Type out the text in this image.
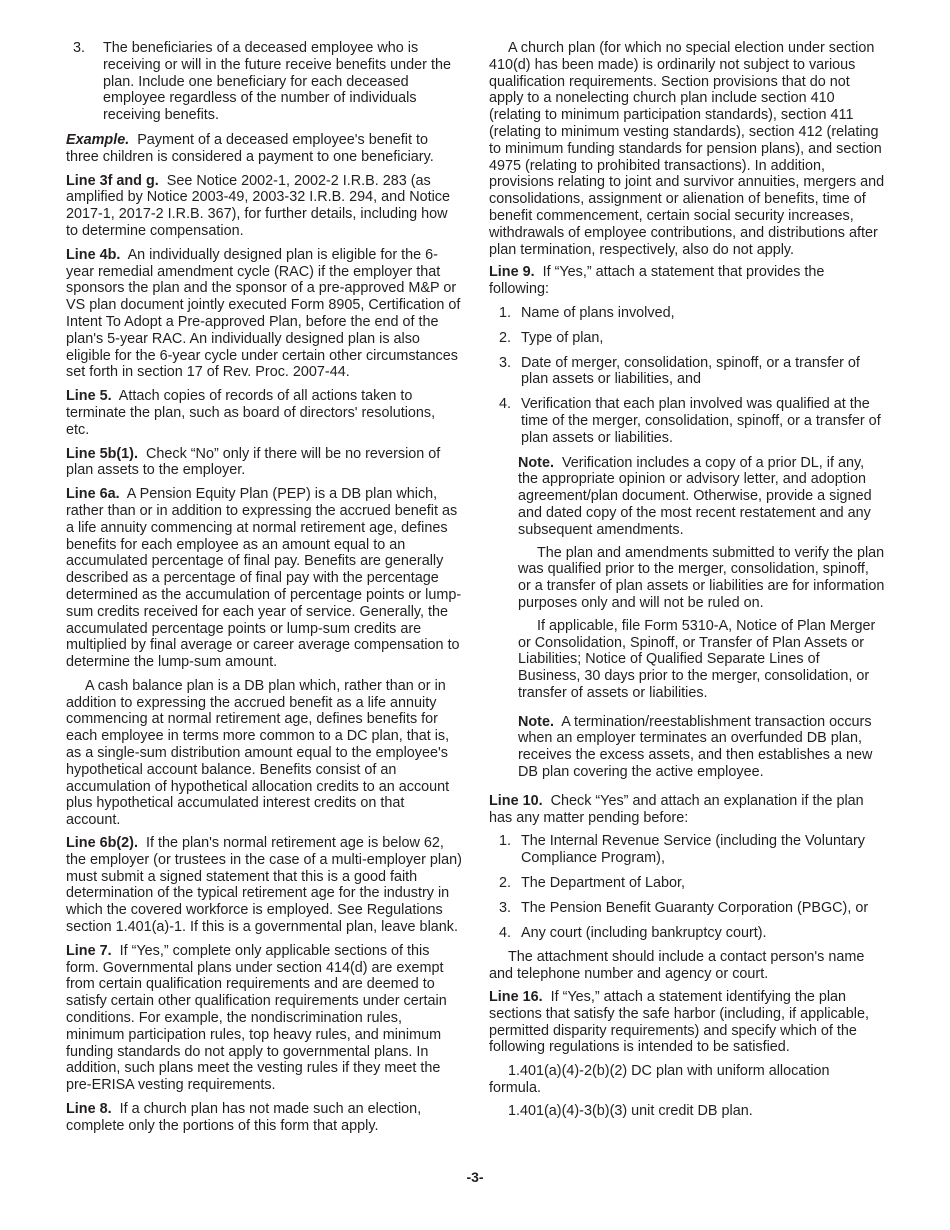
3.	The beneficiaries of a deceased employee who is receiving or will in the future receive benefits under the plan. Include one beneficiary for each deceased employee regardless of the number of individuals receiving benefits.

Example. Payment of a deceased employee's benefit to three children is considered a payment to one beneficiary.

Line 3f and g. See Notice 2002-1, 2002-2 I.R.B. 283 (as amplified by Notice 2003-49, 2003-32 I.R.B. 294, and Notice 2017-1, 2017-2 I.R.B. 367), for further details, including how to determine compensation.

Line 4b. An individually designed plan is eligible for the 6-year remedial amendment cycle (RAC) if the employer that sponsors the plan and the sponsor of a pre-approved M&P or VS plan document jointly executed Form 8905, Certification of Intent To Adopt a Pre-approved Plan, before the end of the plan's 5-year RAC. An individually designed plan is also eligible for the 6-year cycle under certain other circumstances set forth in section 17 of Rev. Proc. 2007-44.

Line 5. Attach copies of records of all actions taken to terminate the plan, such as board of directors' resolutions, etc.

Line 5b(1). Check “No” only if there will be no reversion of plan assets to the employer.

Line 6a. A Pension Equity Plan (PEP) is a DB plan which, rather than or in addition to expressing the accrued benefit as a life annuity commencing at normal retirement age, defines benefits for each employee as an amount equal to an accumulated percentage of final pay. Benefits are generally described as a percentage of final pay with the percentage determined as the accumulation of percentage points or lump-sum credits received for each year of service. Generally, the accumulated percentage points or lump-sum credits are multiplied by final average or career average compensation to determine the lump-sum amount.

A cash balance plan is a DB plan which, rather than or in addition to expressing the accrued benefit as a life annuity commencing at normal retirement age, defines benefits for each employee in terms more common to a DC plan, that is, as a single-sum distribution amount equal to the employee's hypothetical account balance. Benefits consist of an accumulation of hypothetical allocation credits to an account plus hypothetical accumulated interest credits on that account.

Line 6b(2). If the plan's normal retirement age is below 62, the employer (or trustees in the case of a multi-employer plan) must submit a signed statement that this is a good faith determination of the typical retirement age for the industry in which the covered workforce is employed. See Regulations section 1.401(a)-1. If this is a governmental plan, leave blank.

Line 7. If “Yes,” complete only applicable sections of this form. Governmental plans under section 414(d) are exempt from certain qualification requirements and are deemed to satisfy certain other qualification requirements under certain conditions. For example, the nondiscrimination rules, minimum participation rules, top heavy rules, and minimum funding standards do not apply to governmental plans. In addition, such plans meet the vesting rules if they meet the pre-ERISA vesting requirements.

Line 8. If a church plan has not made such an election, complete only the portions of this form that apply.

A church plan (for which no special election under section 410(d) has been made) is ordinarily not subject to various qualification requirements. Section provisions that do not apply to a nonelecting church plan include section 410 (relating to minimum participation standards), section 411 (relating to minimum vesting standards), section 412 (relating to minimum funding standards for pension plans), and section 4975 (relating to prohibited transactions). In addition, provisions relating to joint and survivor annuities, mergers and consolidations, assignment or alienation of benefits, time of benefit commencement, certain social security increases, withdrawals of employee contributions, and distributions after plan termination, respectively, also do not apply.

Line 9. If “Yes,” attach a statement that provides the following:

1. Name of plans involved,
2. Type of plan,
3. Date of merger, consolidation, spinoff, or a transfer of plan assets or liabilities, and
4. Verification that each plan involved was qualified at the time of the merger, consolidation, spinoff, or a transfer of plan assets or liabilities.

Note. Verification includes a copy of a prior DL, if any, the appropriate opinion or advisory letter, and adoption agreement/plan document. Otherwise, provide a signed and dated copy of the most recent restatement and any subsequent amendments.

The plan and amendments submitted to verify the plan was qualified prior to the merger, consolidation, spinoff, or a transfer of plan assets or liabilities are for information purposes only and will not be ruled on.

If applicable, file Form 5310-A, Notice of Plan Merger or Consolidation, Spinoff, or Transfer of Plan Assets or Liabilities; Notice of Qualified Separate Lines of Business, 30 days prior to the merger, consolidation, or transfer of assets or liabilities.

Note. A termination/reestablishment transaction occurs when an employer terminates an overfunded DB plan, receives the excess assets, and then establishes a new DB plan covering the active employee.

Line 10. Check “Yes” and attach an explanation if the plan has any matter pending before:

1. The Internal Revenue Service (including the Voluntary Compliance Program),
2. The Department of Labor,
3. The Pension Benefit Guaranty Corporation (PBGC), or
4. Any court (including bankruptcy court).

The attachment should include a contact person's name and telephone number and agency or court.

Line 16. If “Yes,” attach a statement identifying the plan sections that satisfy the safe harbor (including, if applicable, permitted disparity requirements) and specify which of the following regulations is intended to be satisfied.

1.401(a)(4)-2(b)(2) DC plan with uniform allocation formula.

1.401(a)(4)-3(b)(3) unit credit DB plan.

-3-
